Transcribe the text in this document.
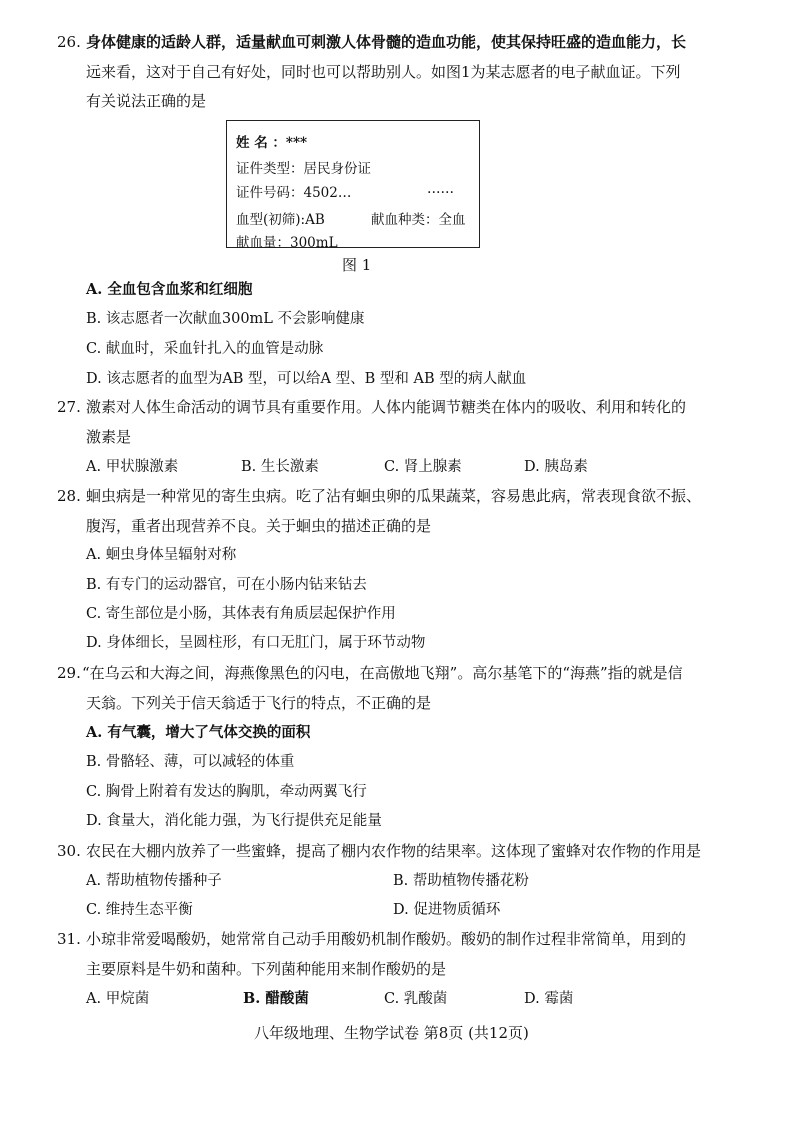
26. 身体健康的适龄人群，适量献血可刺激人体骨髓的造血功能，使其保持旺盛的造血能力，长
远来看，这对于自己有好处，同时也可以帮助别人。如图1为某志愿者的电子献血证。下列
有关说法正确的是
姓 名 ：***
证件类型：居民身份证
证件号码：4502…	……
血型(初筛):AB	献血种类：全血
献血量：300mL
图 1
A. 全血包含血浆和红细胞
B. 该志愿者一次献血300mL 不会影响健康
C. 献血时，采血针扎入的血管是动脉
D. 该志愿者的血型为AB 型，可以给A 型、B 型和 AB 型的病人献血
27. 激素对人体生命活动的调节具有重要作用。人体内能调节糖类在体内的吸收、利用和转化的
激素是
A. 甲状腺激素	B. 生长激素	C. 肾上腺素	D. 胰岛素
28. 蛔虫病是一种常见的寄生虫病。吃了沾有蛔虫卵的瓜果蔬菜，容易患此病，常表现食欲不振、
腹泻，重者出现营养不良。关于蛔虫的描述正确的是
A. 蛔虫身体呈辐射对称
B. 有专门的运动器官，可在小肠内钻来钻去
C. 寄生部位是小肠，其体表有角质层起保护作用
D. 身体细长，呈圆柱形，有口无肛门，属于环节动物
29. “在乌云和大海之间，海燕像黑色的闪电，在高傲地飞翔”。高尔基笔下的“海燕”指的就是信
天翁。下列关于信天翁适于飞行的特点，不正确的是
A. 有气囊，增大了气体交换的面积
B. 骨骼轻、薄，可以减轻的体重
C. 胸骨上附着有发达的胸肌，牵动两翼飞行
D. 食量大，消化能力强，为飞行提供充足能量
30. 农民在大棚内放养了一些蜜蜂，提高了棚内农作物的结果率。这体现了蜜蜂对农作物的作用是
A. 帮助植物传播种子	B. 帮助植物传播花粉
C. 维持生态平衡	D. 促进物质循环
31. 小琼非常爱喝酸奶，她常常自己动手用酸奶机制作酸奶。酸奶的制作过程非常简单，用到的
主要原料是牛奶和菌种。下列菌种能用来制作酸奶的是
A. 甲烷菌	B. 醋酸菌	C. 乳酸菌	D. 霉菌
八年级地理、生物学试卷 第8页 (共12页)
